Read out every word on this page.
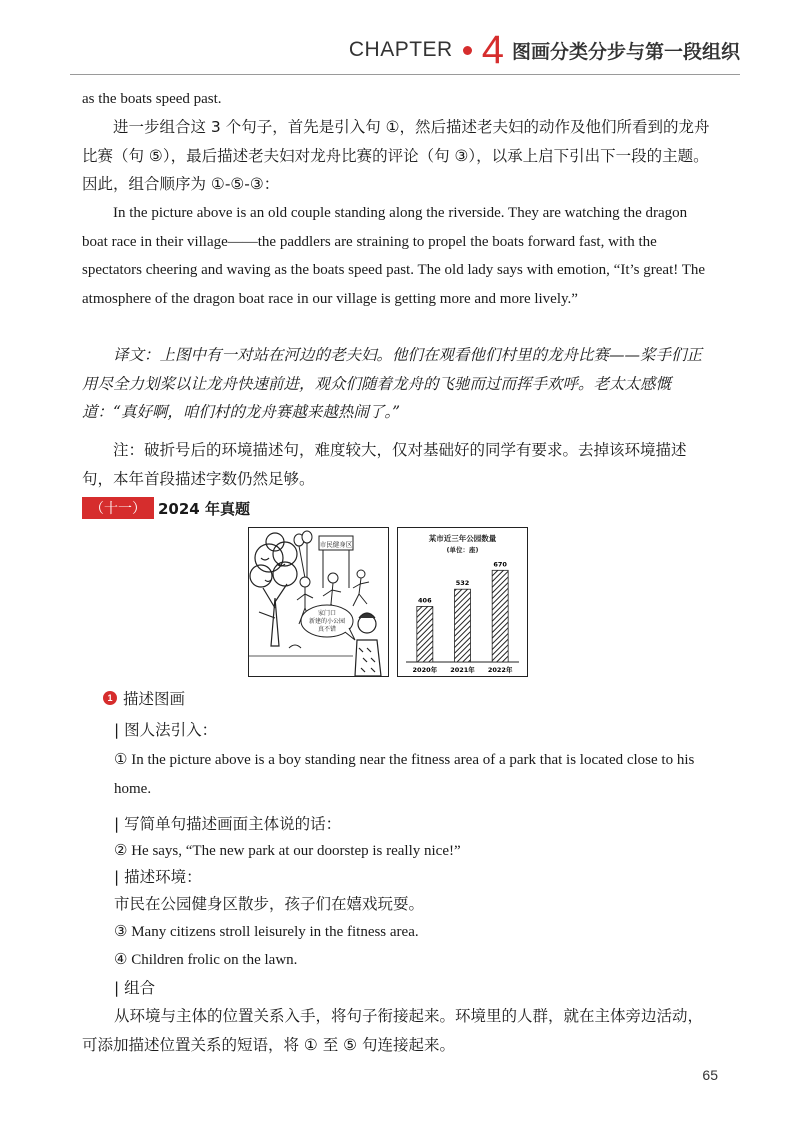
CHAPTER 4 图画分类分步与第一段组织

as the boats speed past.

进一步组合这 3 个句子，首先是引入句 ①，然后描述老夫妇的动作及他们所看到的龙舟比赛（句 ⑤），最后描述老夫妇对龙舟比赛的评论（句 ③），以承上启下引出下一段的主题。因此，组合顺序为 ①-⑤-③：

In the picture above is an old couple standing along the riverside. They are watching the dragon boat race in their village——the paddlers are straining to propel the boats forward fast, with the spectators cheering and waving as the boats speed past. The old lady says with emotion, “It’s great! The atmosphere of the dragon boat race in our village is getting more and more lively.”

译文：上图中有一对站在河边的老夫妇。他们在观看他们村里的龙舟比赛——桨手们正用尽全力划桨以让龙舟快速前进，观众们随着龙舟的飞驰而过而挥手欢呼。老太太感慨道：“真好啊，咱们村的龙舟赛越来越热闹了。”

注：破折号后的环境描述句，难度较大，仅对基础好的同学有要求。去掉该环境描述句，本年首段描述字数仍然足够。

（十一） 2024 年真题
市民健身区
家门口
新建的小公园
真不错
某市近三年公园数量
(单位：座)
406
2020年
532
2021年
670
2022年
1 描述图画

| 图人法引入：

① In the picture above is a boy standing near the fitness area of a park that is located close to his home.

| 写简单句描述画面主体说的话：

② He says, “The new park at our doorstep is really nice!”

| 描述环境：

市民在公园健身区散步，孩子们在嬉戏玩耍。

③ Many citizens stroll leisurely in the fitness area.

④ Children frolic on the lawn.

| 组合

从环境与主体的位置关系入手，将句子衔接起来。环境里的人群，就在主体旁边活动，可添加描述位置关系的短语，将 ① 至 ⑤ 句连接起来。

65
